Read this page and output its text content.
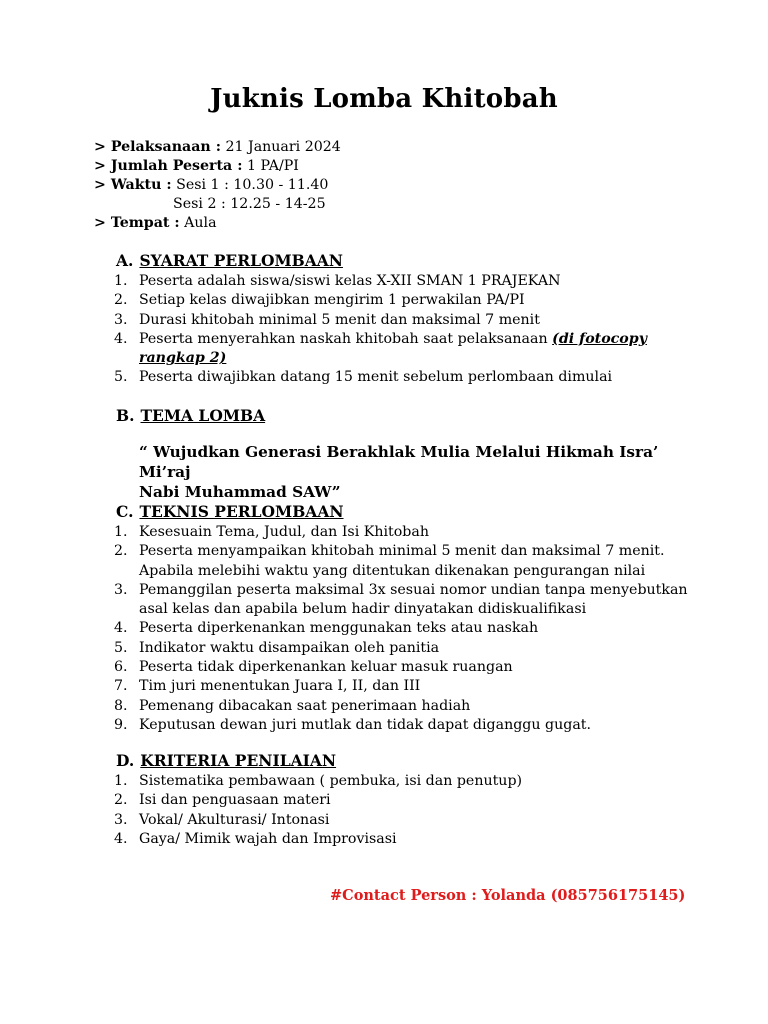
Juknis Lomba Khitobah
> Pelaksanaan : 21 Januari 2024
> Jumlah Peserta : 1 PA/PI
> Waktu : Sesi 1 : 10.30 - 11.40
Sesi 2 : 12.25 - 14-25
> Tempat : Aula
A. SYARAT PERLOMBAAN
1. Peserta adalah siswa/siswi kelas X-XII SMAN 1 PRAJEKAN
2. Setiap kelas diwajibkan mengirim 1 perwakilan PA/PI
3. Durasi khitobah minimal 5 menit dan maksimal 7 menit
4. Peserta menyerahkan naskah khitobah saat pelaksanaan (di fotocopy
rangkap 2)
5. Peserta diwajibkan datang 15 menit sebelum perlombaan dimulai
B. TEMA LOMBA
“ Wujudkan Generasi Berakhlak Mulia Melalui Hikmah Isra’ Mi’raj
Nabi Muhammad SAW”
C. TEKNIS PERLOMBAAN
1. Kesesuain Tema, Judul, dan Isi Khitobah
2. Peserta menyampaikan khitobah minimal 5 menit dan maksimal 7 menit.
Apabila melebihi waktu yang ditentukan dikenakan pengurangan nilai
3. Pemanggilan peserta maksimal 3x sesuai nomor undian tanpa menyebutkan
asal kelas dan apabila belum hadir dinyatakan didiskualifikasi
4. Peserta diperkenankan menggunakan teks atau naskah
5. Indikator waktu disampaikan oleh panitia
6. Peserta tidak diperkenankan keluar masuk ruangan
7. Tim juri menentukan Juara I, II, dan III
8. Pemenang dibacakan saat penerimaan hadiah
9. Keputusan dewan juri mutlak dan tidak dapat diganggu gugat.
D. KRITERIA PENILAIAN
1. Sistematika pembawaan ( pembuka, isi dan penutup)
2. Isi dan penguasaan materi
3. Vokal/ Akulturasi/ Intonasi
4. Gaya/ Mimik wajah dan Improvisasi
#Contact Person : Yolanda (085756175145)
